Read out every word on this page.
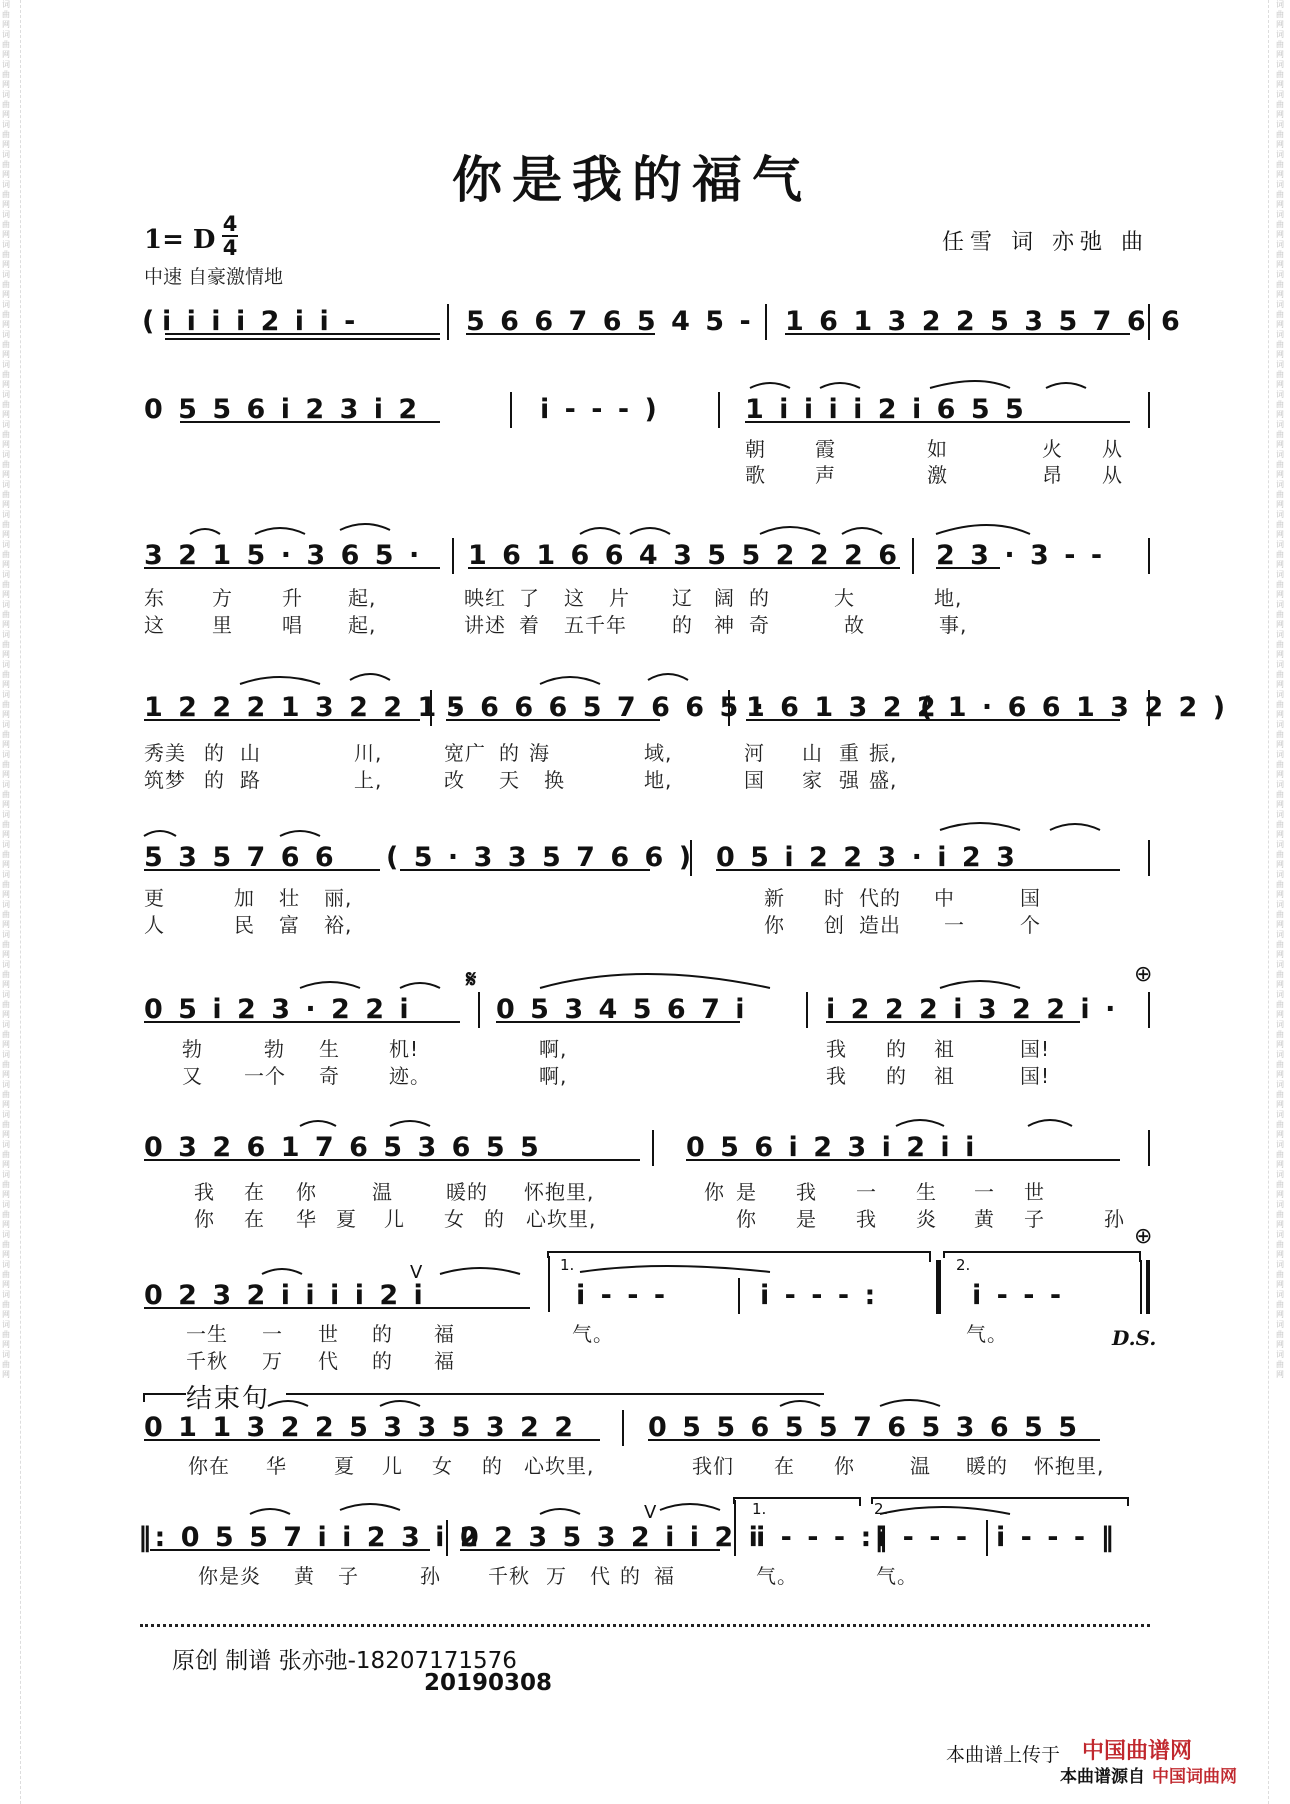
词曲网词曲网词曲网词曲网词曲网词曲网词曲网词曲网词曲网词曲网词曲网词曲网词曲网词曲网词曲网词曲网词曲网词曲网词曲网词曲网词曲网词曲网词曲网词曲网词曲网词曲网词曲网词曲网词曲网词曲网词曲网词曲网词曲网词曲网词曲网词曲网词曲网词曲网词曲网词曲网词曲网词曲网词曲网词曲网词曲网词曲网
词曲网词曲网词曲网词曲网词曲网词曲网词曲网词曲网词曲网词曲网词曲网词曲网词曲网词曲网词曲网词曲网词曲网词曲网词曲网词曲网词曲网词曲网词曲网词曲网词曲网词曲网词曲网词曲网词曲网词曲网词曲网词曲网词曲网词曲网词曲网词曲网词曲网词曲网词曲网词曲网词曲网词曲网词曲网词曲网词曲网词曲网
你是我的福气
1= D
4
4
中速 自豪激情地
任雪 词 亦弛 曲
( i i i i 2 i i -	5 6 6 7 6 5 4 5 - 1 6 1 3 2 2 5 3 5 7 6 6
0 5 5 6 i 2 3 i 2	i - - - )	1 i i i i 2 i 6 5 5
朝 霞	如	火 从
歌 声	激	昂 从
3 2 1 5 · 3 6 5 · 1 6 1 6 6 4 3 5 5 2 2 2 6 2 3 · 3 - -
东 方 升 起,	映红 了 这 片 辽 阔 的	大	地,
这 里 唱 起,	讲述 着 五千年 的 神 奇	故	事,
1 2 2 2 1 3 2 2 1 ·
5 6 6 6 5 7 6 6 5 ·
1 6 1 3 2 2
( 1 · 6 6 1 3 2 2 )
秀美 的 山	川,	宽广 的 海	域,	河 山 重 振,
筑梦 的 路	上,	改 天 换	地,	国 家 强 盛,
5 3 5 7 6 6 ( 5 · 3 3 5 7 6 6 ) 0 5 i 2 2 3 · i 2 3
更	加 壮 丽,	新 时 代的 中	国
人	民 富 裕,	你 创 造出 一	个
0 5 i 2 3 · 2 2 i
𝄋
0 5 3 4 5 6 7 i	i 2 2 2 i 3 2 2 i ·
⊕
勃	勃 生 机!	啊,	我 的 祖	国!
又 一个 奇 迹。	啊,	我 的 祖	国!
0 3 2 6 1 7 6 5 3 6 5 5	0 5 6 i 2 3 i 2 i i
我 在 你	温	暖的 怀抱里,	你 是 我 一 生 一 世
你 在 华 夏 儿 女 的 心坎里,	你 是 我 炎 黄 子	孙
0 2 3 2 i i i i 2 i
V	1.
i - - -	i - - - :
2.
i - - -
⊕
一生 一 世 的 福	气。	气。
千秋 万 代 的 福
D.S.
结束句
0 1 1 3 2 2 5 3 3 5 3 2 2	0 5 5 6 5 5 7 6 5 3 6 5 5
你在 华 夏 儿 女 的 心坎里,	我们 在 你	温 暖的 怀抱里,
‖: 0 5 5 7 i i 2 3 i 2
0 2 3 5 3 2 i i 2 i
V	1.
i - - - :‖
2.
i - - - i - - - ‖
你是炎 黄 子	孙 千秋 万 代 的 福	气。	气。
原创 制谱 张亦弛-18207171576
20190308
本曲谱上传于 中国曲谱网
本曲谱源自 中国词曲网
